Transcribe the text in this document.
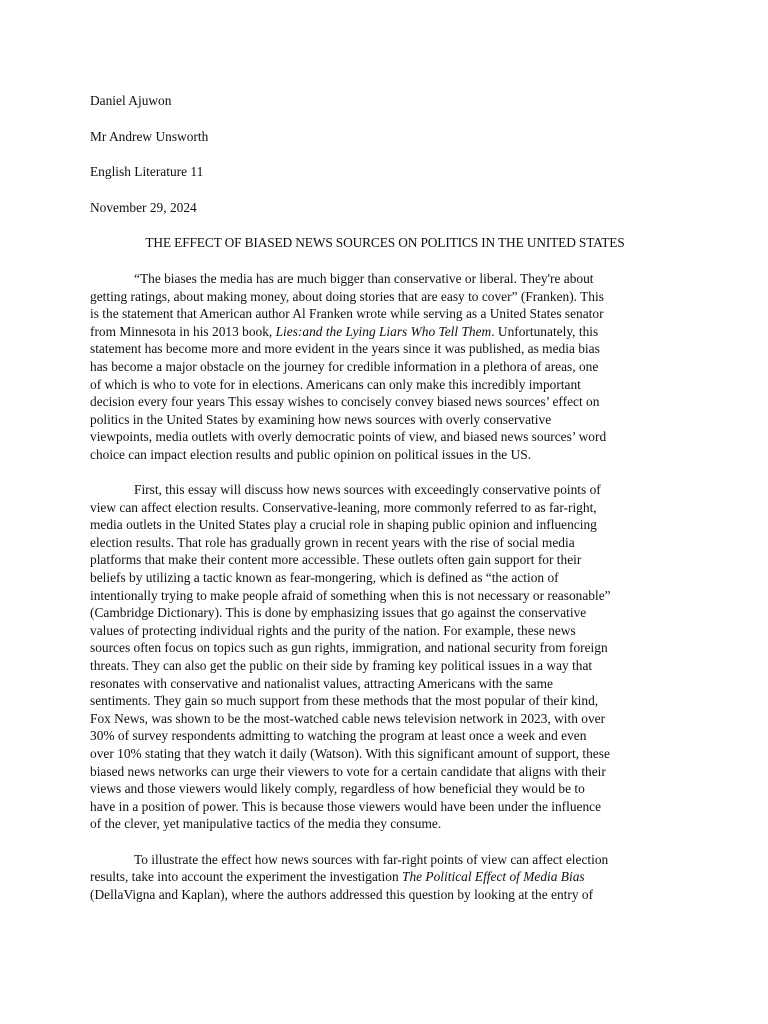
Daniel Ajuwon
Mr Andrew Unsworth
English Literature 11
November 29, 2024
THE EFFECT OF BIASED NEWS SOURCES ON POLITICS IN THE UNITED STATES
“The biases the media has are much bigger than conservative or liberal. They're about
getting ratings, about making money, about doing stories that are easy to cover” (Franken). This
is the statement that American author Al Franken wrote while serving as a United States senator
from Minnesota in his 2013 book, Lies:and the Lying Liars Who Tell Them. Unfortunately, this
statement has become more and more evident in the years since it was published, as media bias
has become a major obstacle on the journey for credible information in a plethora of areas, one
of which is who to vote for in elections. Americans can only make this incredibly important
decision every four years This essay wishes to concisely convey biased news sources’ effect on
politics in the United States by examining how news sources with overly conservative
viewpoints, media outlets with overly democratic points of view, and biased news sources’ word
choice can impact election results and public opinion on political issues in the US.
First, this essay will discuss how news sources with exceedingly conservative points of
view can affect election results. Conservative-leaning, more commonly referred to as far-right,
media outlets in the United States play a crucial role in shaping public opinion and influencing
election results. That role has gradually grown in recent years with the rise of social media
platforms that make their content more accessible. These outlets often gain support for their
beliefs by utilizing a tactic known as fear-mongering, which is defined as “the action of
intentionally trying to make people afraid of something when this is not necessary or reasonable”
(Cambridge Dictionary). This is done by emphasizing issues that go against the conservative
values of protecting individual rights and the purity of the nation. For example, these news
sources often focus on topics such as gun rights, immigration, and national security from foreign
threats. They can also get the public on their side by framing key political issues in a way that
resonates with conservative and nationalist values, attracting Americans with the same
sentiments. They gain so much support from these methods that the most popular of their kind,
Fox News, was shown to be the most-watched cable news television network in 2023, with over
30% of survey respondents admitting to watching the program at least once a week and even
over 10% stating that they watch it daily (Watson). With this significant amount of support, these
biased news networks can urge their viewers to vote for a certain candidate that aligns with their
views and those viewers would likely comply, regardless of how beneficial they would be to
have in a position of power. This is because those viewers would have been under the influence
of the clever, yet manipulative tactics of the media they consume.
To illustrate the effect how news sources with far-right points of view can affect election
results, take into account the experiment the investigation The Political Effect of Media Bias
(DellaVigna and Kaplan), where the authors addressed this question by looking at the entry of
